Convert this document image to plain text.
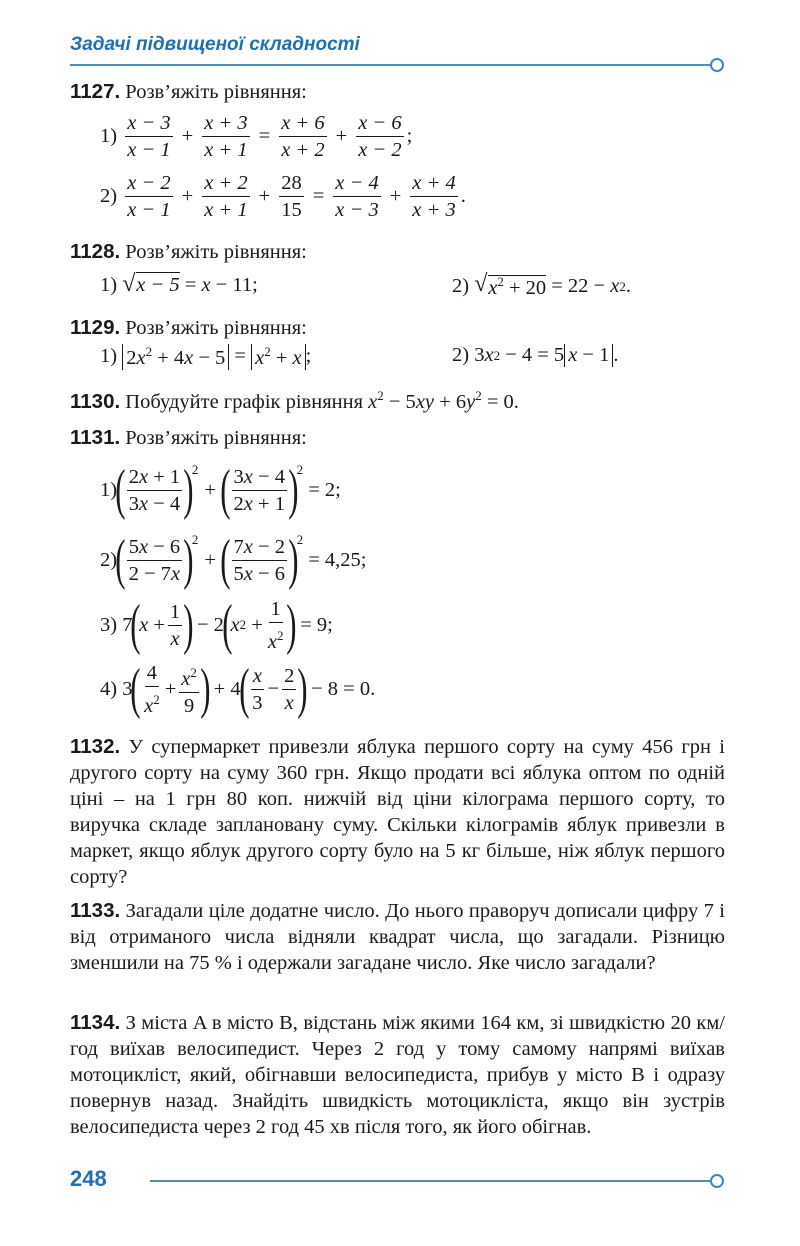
Задачі підвищеної складності
1127. Розв’яжіть рівняння:
1)
$\frac{x - 3}{x - 1} + \frac{x + 3}{x + 1} = \frac{x + 6}{x + 2} + \frac{x - 6}{x - 2}$ ;
2)
$\frac{x - 2}{x - 1} + \frac{x + 2}{x + 1} + \frac{28}{15} = \frac{x - 4}{x - 3} + \frac{x + 4}{x + 3}$ .
1128. Розв’яжіть рівняння:
1)
√ x − 5 = x − 11;	2)
√ $x^2 + 20 = 22 - x$ 2 .
1129. Розв’яжіть рівняння:
1)
$2x^2 + 4x - 5 = x^2 + x$ ;	2) 3 x 2 − 4 = 5 x − 1 .
1130. Побудуйте графік рівняння $x^2 - 5xy + 6y^2 = 0$.
1131. Розв’яжіть рівняння:
1)
( $\frac{2x + 1}{3x - 4}$ )
2
+ ( $\frac{3x - 4}{2x + 1}$ )
2
= 2;
2)
( $\frac{5x - 6}{2 - 7x}$ )
2
+ ( $\frac{7x - 2}{5x - 6}$ )
2
= 4,25;
3) 7
(
$x + \frac{1}{x}$ )
− 2
(
x $2 + \frac{1}{x^2}$ )
= 9;
4) 3
( $\frac{4}{x^2} + \frac{x^2}{9}$ )
+ 4
( $\frac{x}{3} - \frac{2}{x}$ )
− 8 = 0.
1132. У супермаркет привезли яблука першого сорту на суму 456 грн і другого сорту на суму 360 грн. Якщо продати всі яблука оптом по одній ціні – на 1 грн 80 коп. нижчій від ціни кілограма першого сорту, то виручка складе заплановану суму. Скільки кілограмів яблук привезли в маркет, якщо яблук другого сорту було на 5 кг більше, ніж яблук першого сорту?
1133. Загадали ціле додатне число. До нього праворуч дописали цифру 7 і від отриманого числа відняли квадрат числа, що загадали. Різницю зменшили на 75 % і одержали загадане число. Яке число загадали?
1134. З міста A в місто B, відстань між якими 164 км, зі швидкістю 20 км/год виїхав велосипедист. Через 2 год у тому самому напрямі виїхав мотоцикліст, який, обігнавши велосипедиста, прибув у місто B і одразу повернув назад. Знайдіть швидкість мотоцикліста, якщо він зустрів велосипедиста через 2 год 45 хв після того, як його обігнав.
248
